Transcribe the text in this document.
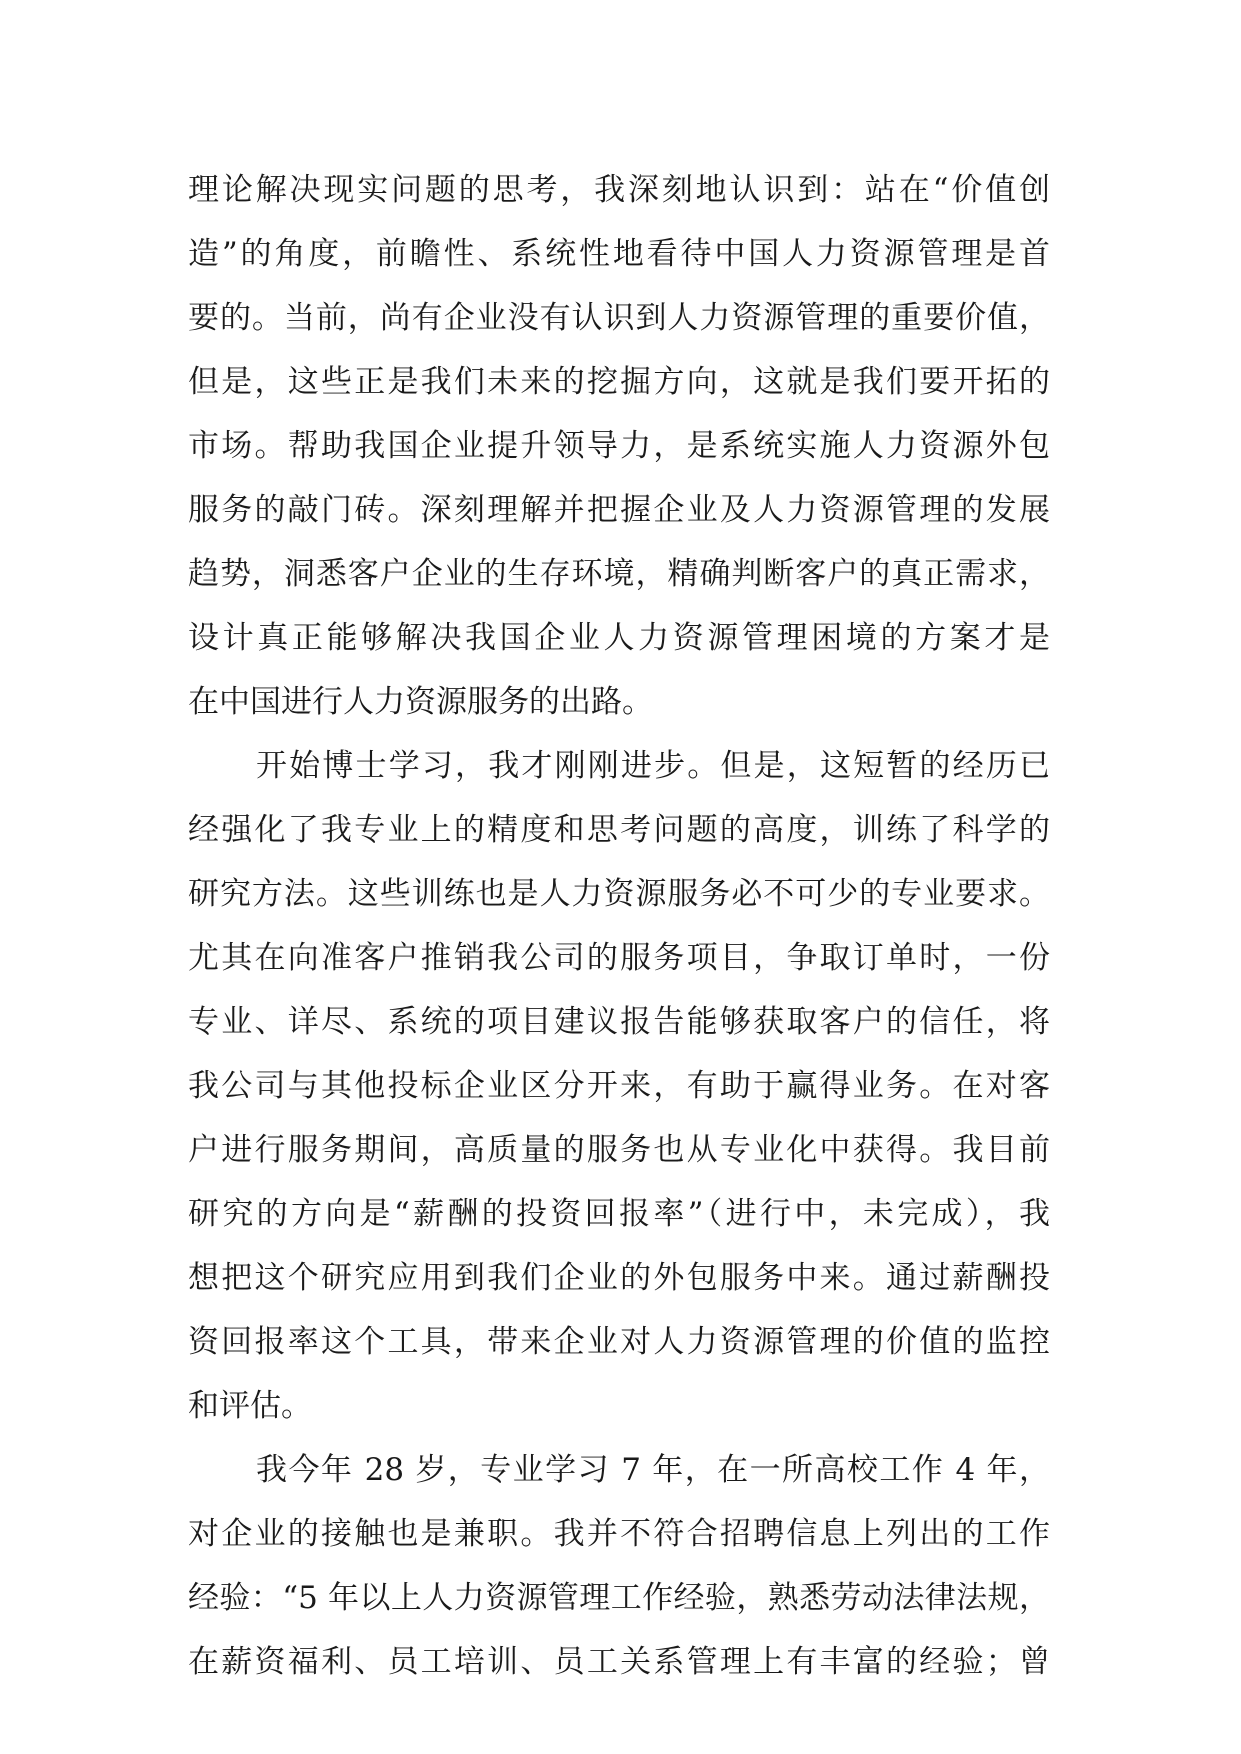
理论解决现实问题的思考，我深刻地认识到：站在“价值创
造”的角度，前瞻性、系统性地看待中国人力资源管理是首
要的。当前，尚有企业没有认识到人力资源管理的重要价值，
但是，这些正是我们未来的挖掘方向，这就是我们要开拓的
市场。帮助我国企业提升领导力，是系统实施人力资源外包
服务的敲门砖。深刻理解并把握企业及人力资源管理的发展
趋势，洞悉客户企业的生存环境，精确判断客户的真正需求，
设计真正能够解决我国企业人力资源管理困境的方案才是
在中国进行人力资源服务的出路。
开始博士学习，我才刚刚进步。但是，这短暂的经历已
经强化了我专业上的精度和思考问题的高度，训练了科学的
研究方法。这些训练也是人力资源服务必不可少的专业要求。
尤其在向准客户推销我公司的服务项目，争取订单时，一份
专业、详尽、系统的项目建议报告能够获取客户的信任，将
我公司与其他投标企业区分开来，有助于赢得业务。在对客
户进行服务期间，高质量的服务也从专业化中获得。我目前
研究的方向是“薪酬的投资回报率”（进行中，未完成），我
想把这个研究应用到我们企业的外包服务中来。通过薪酬投
资回报率这个工具，带来企业对人力资源管理的价值的监控
和评估。
我今年 28 岁，专业学习 7 年，在一所高校工作 4 年，
对企业的接触也是兼职。我并不符合招聘信息上列出的工作
经验：“5 年以上人力资源管理工作经验，熟悉劳动法律法规，
在薪资福利、员工培训、员工关系管理上有丰富的经验；曾
